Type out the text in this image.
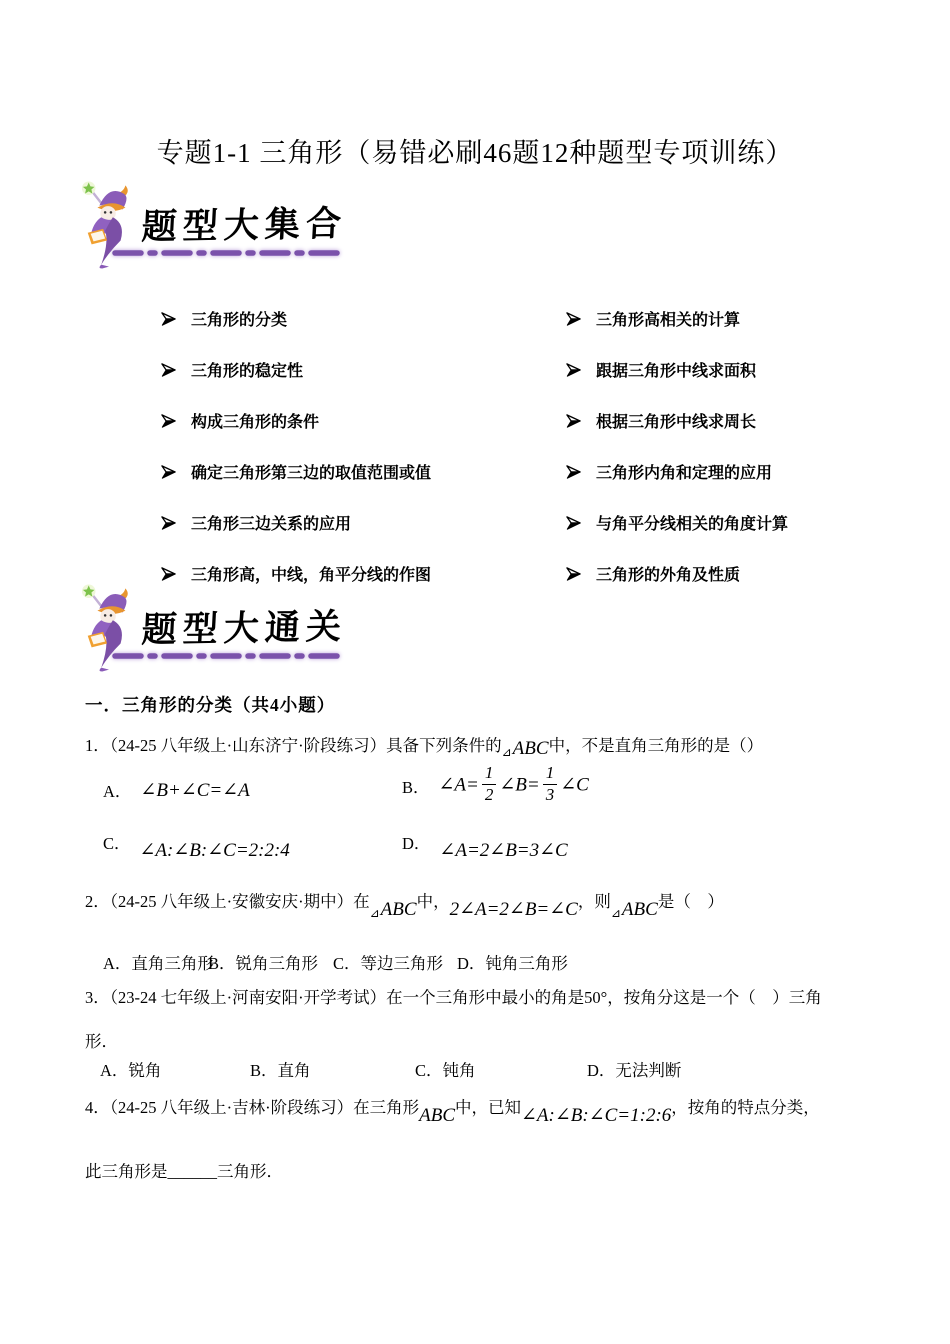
专题1-1 三角形（易错必刷46题12种题型专项训练）
题型大集合
三角形的分类
三角形的稳定性
构成三角形的条件
确定三角形第三边的取值范围或值
三角形三边关系的应用
三角形高，中线，角平分线的作图
三角形高相关的计算
跟据三角形中线求面积
根据三角形中线求周长
三角形内角和定理的应用
与角平分线相关的角度计算
三角形的外角及性质
题型大通关
一．三角形的分类（共4小题）

1．（24-25 八年级上·山东济宁·阶段练习）具备下列条件的⊿ABC中，不是直角三角形的是（）

A． ∠B+∠C=∠A	B． ∠A= $\frac{1}{2}$ ∠B= $\frac{1}{3}$ ∠C
C． ∠A:∠B:∠C=2:2:4	D． ∠A=2∠B=3∠C

2．（24-25 八年级上·安徽安庆·期中）在⊿ABC中，2∠A=2∠B=∠C，则⊿ABC是（　）

A．直角三角形
B．锐角三角形 C．等边三角形 D．钝角三角形

3．（23-24 七年级上·河南安阳·开学考试）在一个三角形中最小的角是50°，按角分这是一个（　）三角

形．

A．锐角	B．直角	C．钝角	D．无法判断

4．（24-25 八年级上·吉林·阶段练习）在三角形ABC中，已知∠A:∠B:∠C=1:2:6，按角的特点分类，

此三角形是______三角形．
